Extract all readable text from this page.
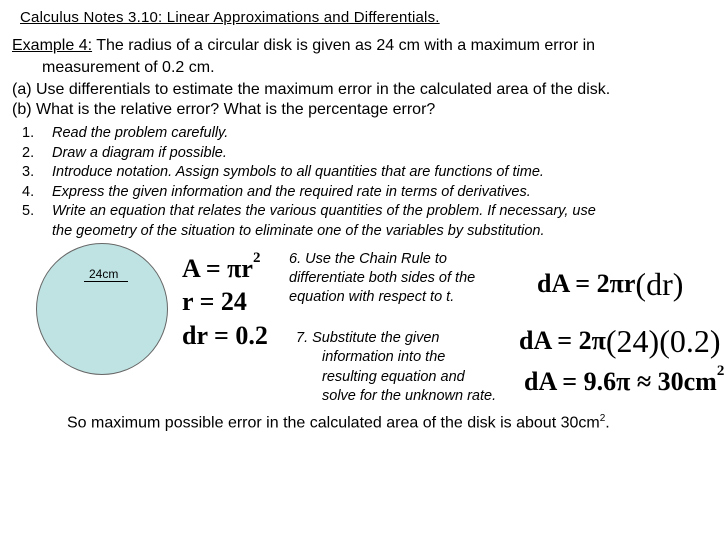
Calculus Notes 3.10: Linear Approximations and Differentials.
Example 4: The radius of a circular disk is given as 24 cm with a maximum error in
measurement of 0.2 cm.
(a) Use differentials to estimate the maximum error in the calculated area of the disk.
(b) What is the relative error? What is the percentage error?
1. Read the problem carefully.
2. Draw a diagram if possible.
3. Introduce notation. Assign symbols to all quantities that are functions of time.
4. Express the given information and the required rate in terms of derivatives.
5. Write an equation that relates the various quantities of the problem. If necessary, use
the geometry of the situation to eliminate one of the variables by substitution.
24cm $A = \pi r^2$
r = 24
dr = 0.2
6. Use the Chain Rule to
differentiate both sides of the
equation with respect to t.
7. Substitute the given
information into the
resulting equation and
solve for the unknown rate.
dA = 2πr(dr)
dA = 2π(24)(0.2)
dA = $9.6\pi \approx 30cm^2$
So maximum possible error in the calculated area of the disk is about $30cm^2$.
